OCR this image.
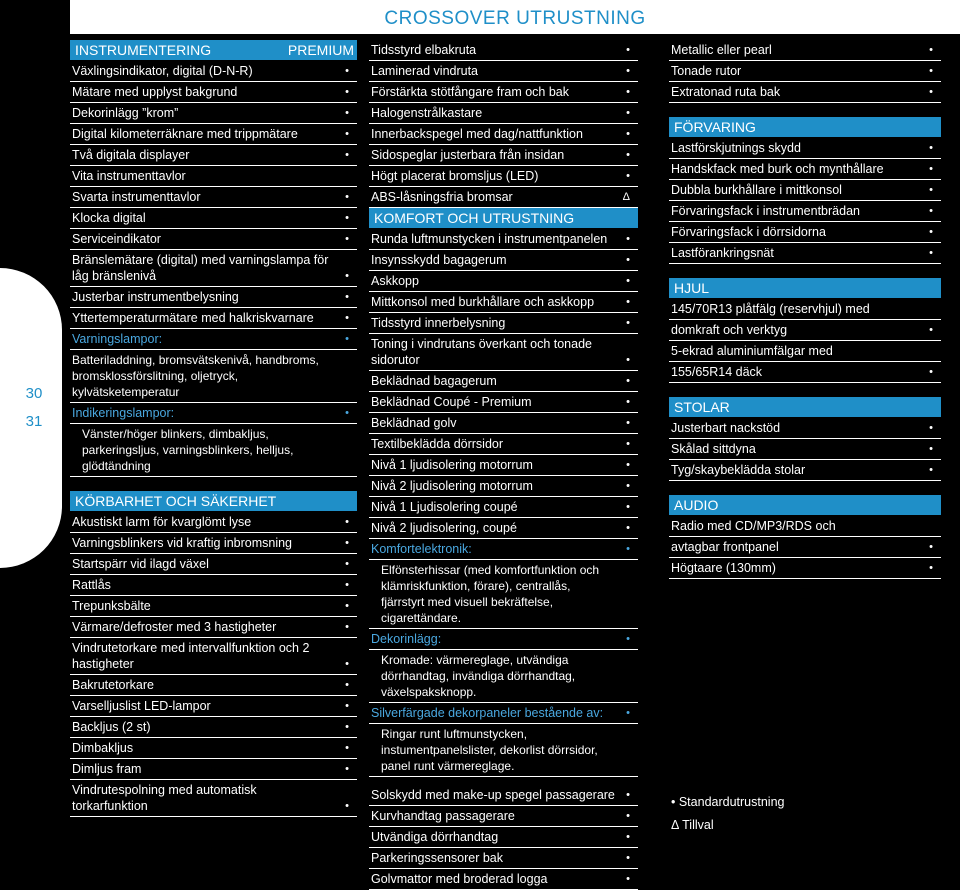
CROSSOVER UTRUSTNING
30
31
INSTRUMENTERING	PREMIUM
Växlingsindikator, digital (D-N-R)	•
Mätare med upplyst bakgrund	•
Dekorinlägg ”krom”	•
Digital kilometerräknare med trippmätare	•
Två digitala displayer	•
Vita instrumenttavlor
Svarta instrumenttavlor	•
Klocka digital	•
Serviceindikator	•
Bränslemätare (digital) med varningslampa för låg bränslenivå	•
Justerbar instrumentbelysning	•
Yttertemperaturmätare med halkriskvarnare	•
Varningslampor:	•
Batteriladdning, bromsvätskenivå, handbroms, bromsklossförslitning, oljetryck, kylvätsketemperatur
Indikeringslampor:	•
Vänster/höger blinkers, dimbakljus, parkeringsljus, varningsblinkers, helljus, glödtändning
KÖRBARHET OCH SÄKERHET
Akustiskt larm för kvarglömt lyse	•
Varningsblinkers vid kraftig inbromsning	•
Startspärr vid ilagd växel	•
Rattlås	•
Trepunksbälte	•
Värmare/defroster med 3 hastigheter	•
Vindrutetorkare med intervallfunktion och 2 hastigheter	•
Bakrutetorkare	•
Varselljuslist LED-lampor	•
Backljus (2 st)	•
Dimbakljus	•
Dimljus fram	•
Vindrutespolning med automatisk torkarfunktion	•
Tidsstyrd elbakruta	•
Laminerad vindruta	•
Förstärkta stötfångare fram och bak	•
Halogenstrålkastare	•
Innerbackspegel med dag/nattfunktion	•
Sidospeglar justerbara från insidan	•
Högt placerat bromsljus (LED)	•
ABS-låsningsfria bromsar	Δ
KOMFORT OCH UTRUSTNING
Runda luftmunstycken i instrumentpanelen •
Insynsskydd bagagerum	•
Askkopp	•
Mittkonsol med burkhållare och askkopp	•
Tidsstyrd innerbelysning	•
Toning i vindrutans överkant och tonade sidorutor	•
Beklädnad bagagerum	•
Beklädnad Coupé - Premium	•
Beklädnad golv	•
Textilbeklädda dörrsidor	•
Nivå 1 ljudisolering motorrum	•
Nivå 2 ljudisolering motorrum	•
Nivå 1 Ljudisolering coupé	•
Nivå 2 ljudisolering, coupé	•
Komfortelektronik:	•
Elfönsterhissar (med komfortfunktion och klämriskfunktion, förare), centrallås, fjärrstyrt med visuell bekräftelse, cigarettändare.
Dekorinlägg:	•
Kromade: värmereglage, utvändiga dörrhandtag, invändiga dörrhandtag, växelspaksknopp.
Silverfärgade dekorpaneler bestående av: •
Ringar runt luftmunstycken, instumentpanelslister, dekorlist dörrsidor, panel runt värmereglage.
Solskydd med make-up spegel passagerare •
Kurvhandtag passagerare	•
Utvändiga dörrhandtag	•
Parkeringssensorer bak	•
Golvmattor med broderad logga	•
Metallic eller pearl	•
Tonade rutor	•
Extratonad ruta bak	•
FÖRVARING
Lastförskjutnings skydd	•
Handskfack med burk och mynthållare	•
Dubbla burkhållare i mittkonsol	•
Förvaringsfack i instrumentbrädan	•
Förvaringsfack i dörrsidorna	•
Lastförankringsnät	•
HJUL
145/70R13 plåtfälg (reservhjul) med
domkraft och verktyg	•
5-ekrad aluminiumfälgar med
155/65R14 däck	•
STOLAR
Justerbart nackstöd	•
Skålad sittdyna	•
Tyg/skaybeklädda stolar	•
AUDIO
Radio med CD/MP3/RDS och
avtagbar frontpanel	•
Högtaare (130mm)	•
• Standardutrustning
Δ Tillval
